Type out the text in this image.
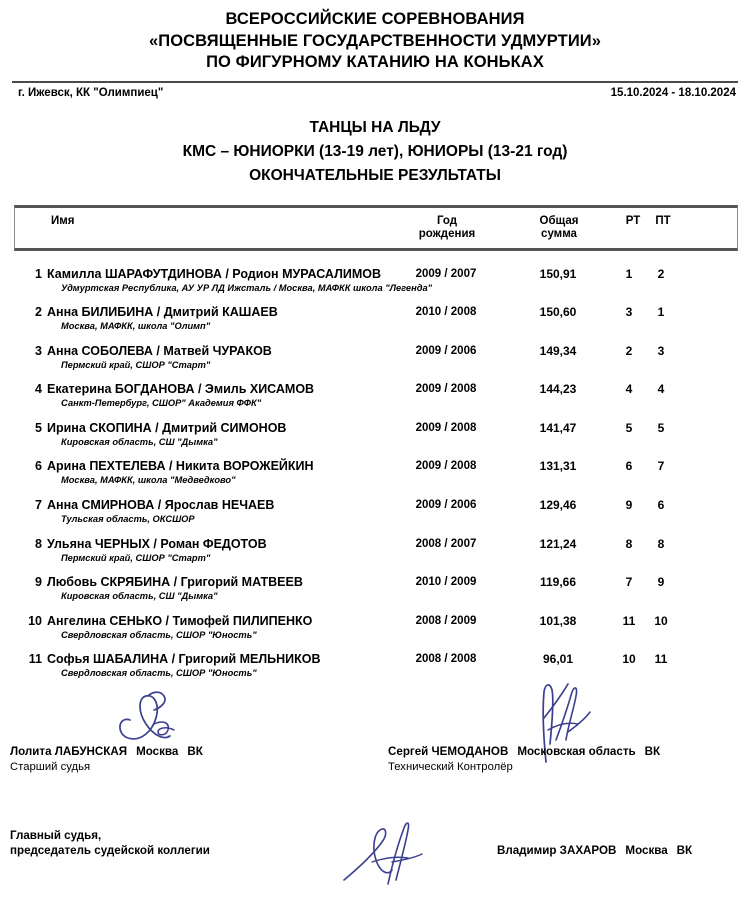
ВСЕРОССИЙСКИЕ СОРЕВНОВАНИЯ
«ПОСВЯЩЕННЫЕ ГОСУДАРСТВЕННОСТИ УДМУРТИИ»
ПО ФИГУРНОМУ КАТАНИЮ НА КОНЬКАХ
г. Ижевск, КК "Олимпиец"	15.10.2024 - 18.10.2024
ТАНЦЫ НА ЛЬДУ
КМС – ЮНИОРКИ (13-19 лет), ЮНИОРЫ (13-21 год)
ОКОНЧАТЕЛЬНЫЕ РЕЗУЛЬТАТЫ
Имя	Год
рождения
Общая
сумма
РТ	ПТ
1 Камилла ШАРАФУТДИНОВА / Родион МУРАСАЛИМОВ
Удмуртская Республика, АУ УР ЛД Ижсталь / Москва, МАФКК школа "Легенда"
2009 / 2007	150,91	1	2
2 Анна БИЛИБИНА / Дмитрий КАШАЕВ
Москва, МАФКК, школа "Олимп"
2010 / 2008	150,60	3	1
3 Анна СОБОЛЕВА / Матвей ЧУРАКОВ
Пермский край, СШОР "Старт"
2009 / 2006	149,34	2	3
4 Екатерина БОГДАНОВА / Эмиль ХИСАМОВ
Санкт-Петербург, СШОР" Академия ФФК"
2009 / 2008	144,23	4	4
5 Ирина СКОПИНА / Дмитрий СИМОНОВ
Кировская область, СШ "Дымка"
2009 / 2008	141,47	5	5
6 Арина ПЕХТЕЛЕВА / Никита ВОРОЖЕЙКИН
Москва, МАФКК, школа "Медведково"
2009 / 2008	131,31	6	7
7 Анна СМИРНОВА / Ярослав НЕЧАЕВ
Тульская область, ОКСШОР
2009 / 2006	129,46	9	6
8 Ульяна ЧЕРНЫХ / Роман ФЕДОТОВ
Пермский край, СШОР "Старт"
2008 / 2007	121,24	8	8
9 Любовь СКРЯБИНА / Григорий МАТВЕЕВ
Кировская область, СШ "Дымка"
2010 / 2009	119,66	7	9
10 Ангелина СЕНЬКО / Тимофей ПИЛИПЕНКО
Свердловская область, СШОР "Юность"
2008 / 2009	101,38	11	10
11 Софья ШАБАЛИНА / Григорий МЕЛЬНИКОВ
Свердловская область, СШОР "Юность"
2008 / 2008	96,01	10	11
Лолита ЛАБУНСКАЯ Москва ВК
Старший судья
Сергей ЧЕМОДАНОВ Московская область ВК
Технический Контролёр
Главный судья,
председатель судейской коллегии	Владимир ЗАХАРОВ Москва ВК
